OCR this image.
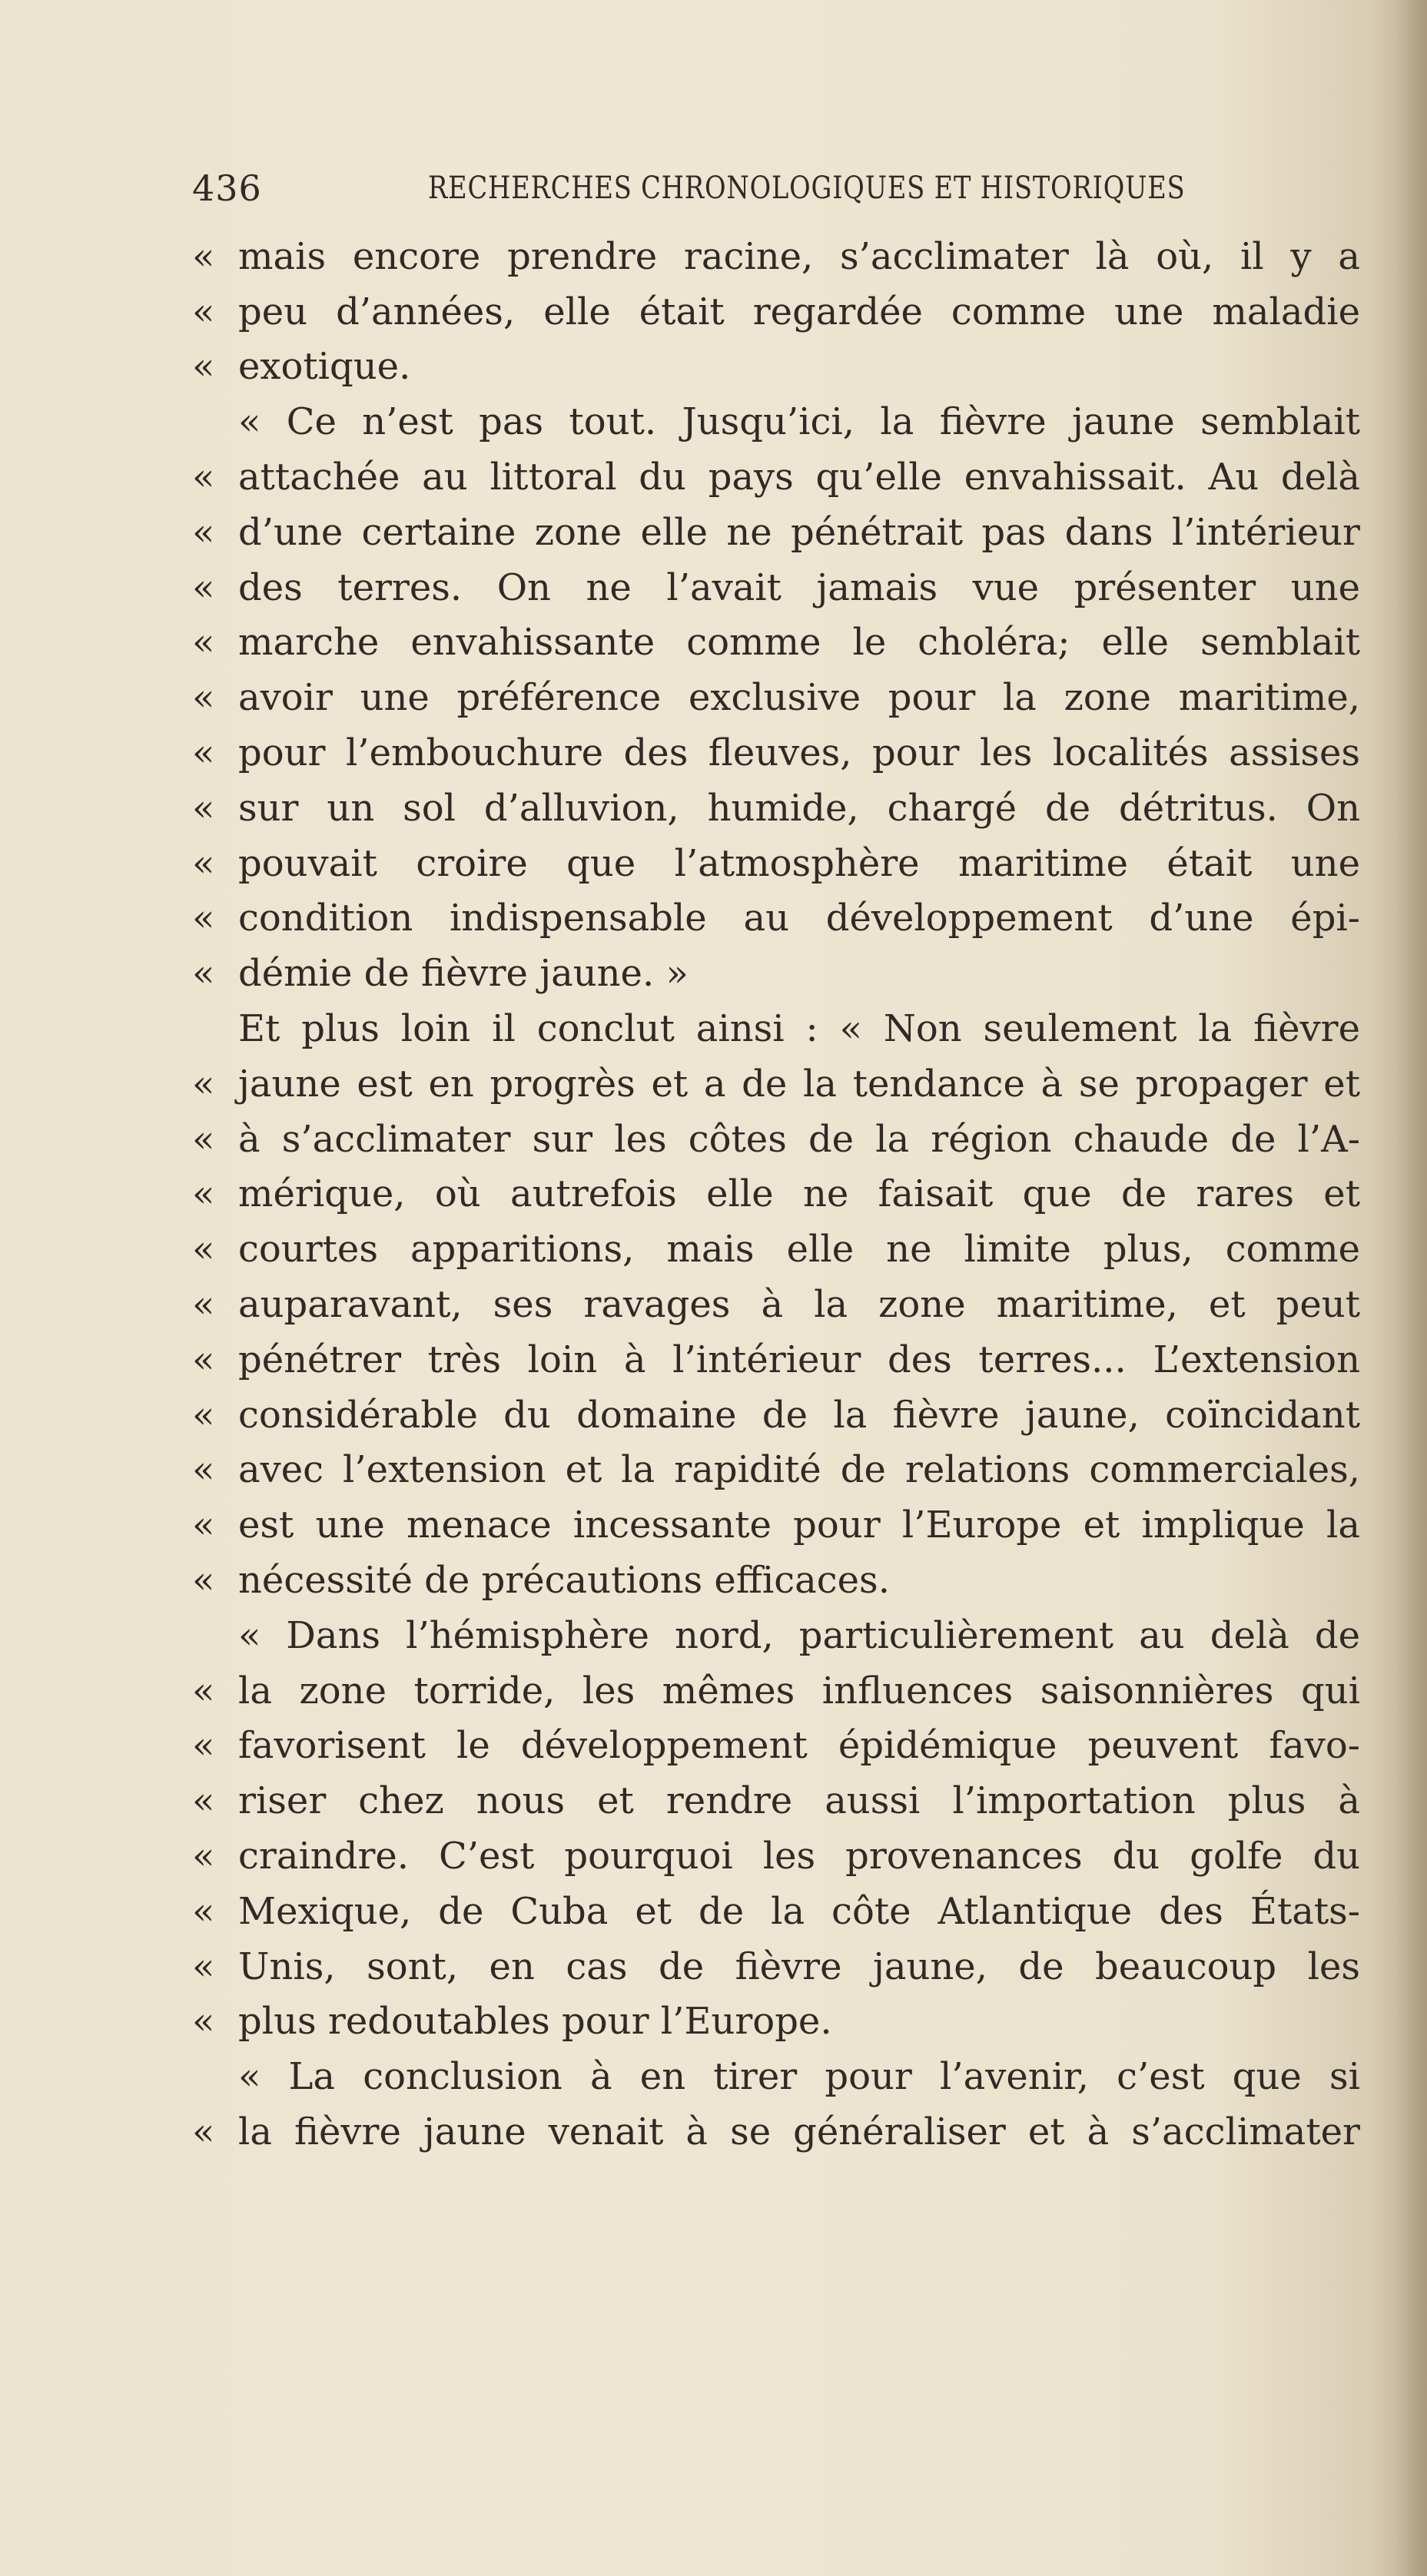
436	RECHERCHES CHRONOLOGIQUES ET HISTORIQUES
« mais encore prendre racine, s’acclimater là où, il y a
« peu d’années, elle était regardée comme une maladie
« exotique.
« Ce n’est pas tout. Jusqu’ici, la fièvre jaune semblait
« attachée au littoral du pays qu’elle envahissait. Au delà
« d’une certaine zone elle ne pénétrait pas dans l’intérieur
« des terres. On ne l’avait jamais vue présenter une
« marche envahissante comme le choléra; elle semblait
« avoir une préférence exclusive pour la zone maritime,
« pour l’embouchure des fleuves, pour les localités assises
« sur un sol d’alluvion, humide, chargé de détritus. On
« pouvait croire que l’atmosphère maritime était une
« condition indispensable au développement d’une épi-
« démie de fièvre jaune. »
Et plus loin il conclut ainsi : « Non seulement la fièvre
« jaune est en progrès et a de la tendance à se propager et
« à s’acclimater sur les côtes de la région chaude de l’A-
« mérique, où autrefois elle ne faisait que de rares et
« courtes apparitions, mais elle ne limite plus, comme
« auparavant, ses ravages à la zone maritime, et peut
« pénétrer très loin à l’intérieur des terres... L’extension
« considérable du domaine de la fièvre jaune, coïncidant
« avec l’extension et la rapidité de relations commerciales,
« est une menace incessante pour l’Europe et implique la
« nécessité de précautions efficaces.
« Dans l’hémisphère nord, particulièrement au delà de
« la zone torride, les mêmes influences saisonnières qui
« favorisent le développement épidémique peuvent favo-
« riser chez nous et rendre aussi l’importation plus à
« craindre. C’est pourquoi les provenances du golfe du
« Mexique, de Cuba et de la côte Atlantique des États-
« Unis, sont, en cas de fièvre jaune, de beaucoup les
« plus redoutables pour l’Europe.
« La conclusion à en tirer pour l’avenir, c’est que si
« la fièvre jaune venait à se généraliser et à s’acclimater
